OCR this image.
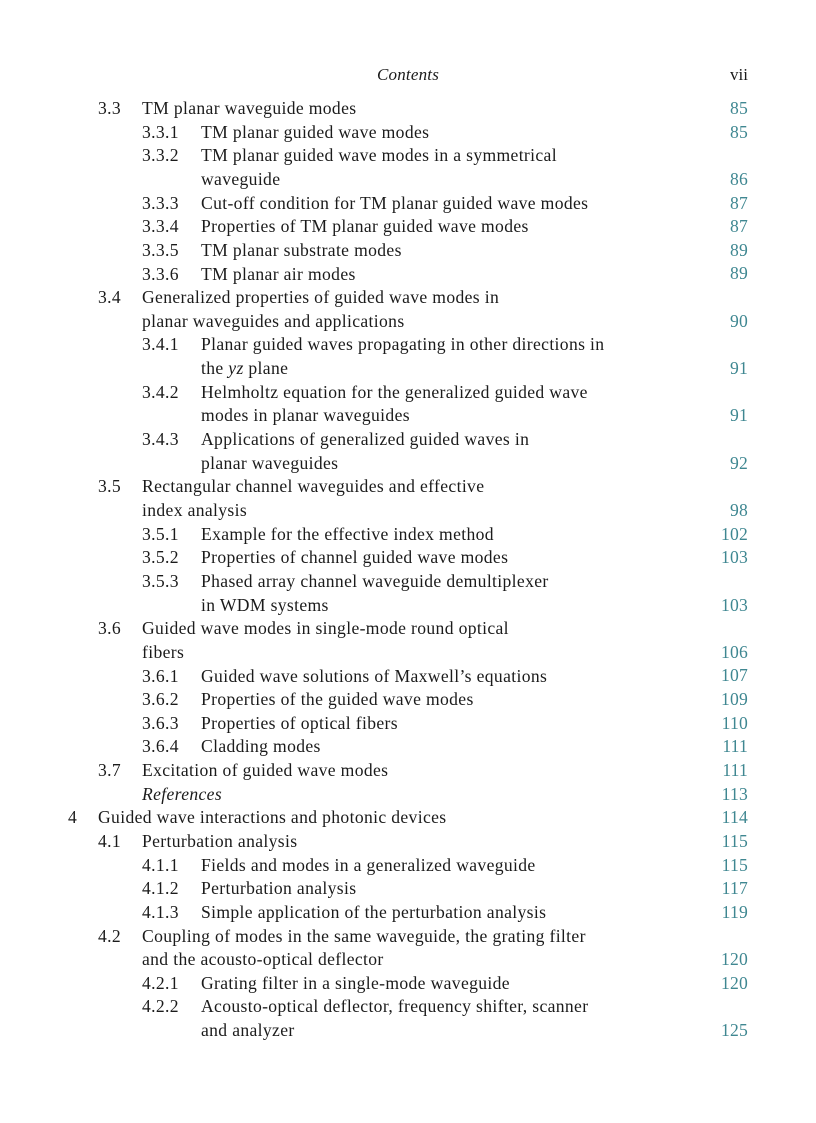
Contents	vii
3.3 TM planar waveguide modes	85
3.3.1 TM planar guided wave modes	85
3.3.2 TM planar guided wave modes in a symmetrical
waveguide	86
3.3.3 Cut-off condition for TM planar guided wave modes	87
3.3.4 Properties of TM planar guided wave modes	87
3.3.5 TM planar substrate modes	89
3.3.6 TM planar air modes	89
3.4 Generalized properties of guided wave modes in
planar waveguides and applications	90
3.4.1 Planar guided waves propagating in other directions in
the yz plane	91
3.4.2 Helmholtz equation for the generalized guided wave
modes in planar waveguides	91
3.4.3 Applications of generalized guided waves in
planar waveguides	92
3.5 Rectangular channel waveguides and effective
index analysis	98
3.5.1 Example for the effective index method	102
3.5.2 Properties of channel guided wave modes	103
3.5.3 Phased array channel waveguide demultiplexer
in WDM systems	103
3.6 Guided wave modes in single-mode round optical
fibers	106
3.6.1 Guided wave solutions of Maxwell’s equations	107
3.6.2 Properties of the guided wave modes	109
3.6.3 Properties of optical fibers	110
3.6.4 Cladding modes	111
3.7 Excitation of guided wave modes	111
References	113
4 Guided wave interactions and photonic devices	114
4.1 Perturbation analysis	115
4.1.1 Fields and modes in a generalized waveguide	115
4.1.2 Perturbation analysis	117
4.1.3 Simple application of the perturbation analysis	119
4.2 Coupling of modes in the same waveguide, the grating filter
and the acousto-optical deflector	120
4.2.1 Grating filter in a single-mode waveguide	120
4.2.2 Acousto-optical deflector, frequency shifter, scanner
and analyzer	125
